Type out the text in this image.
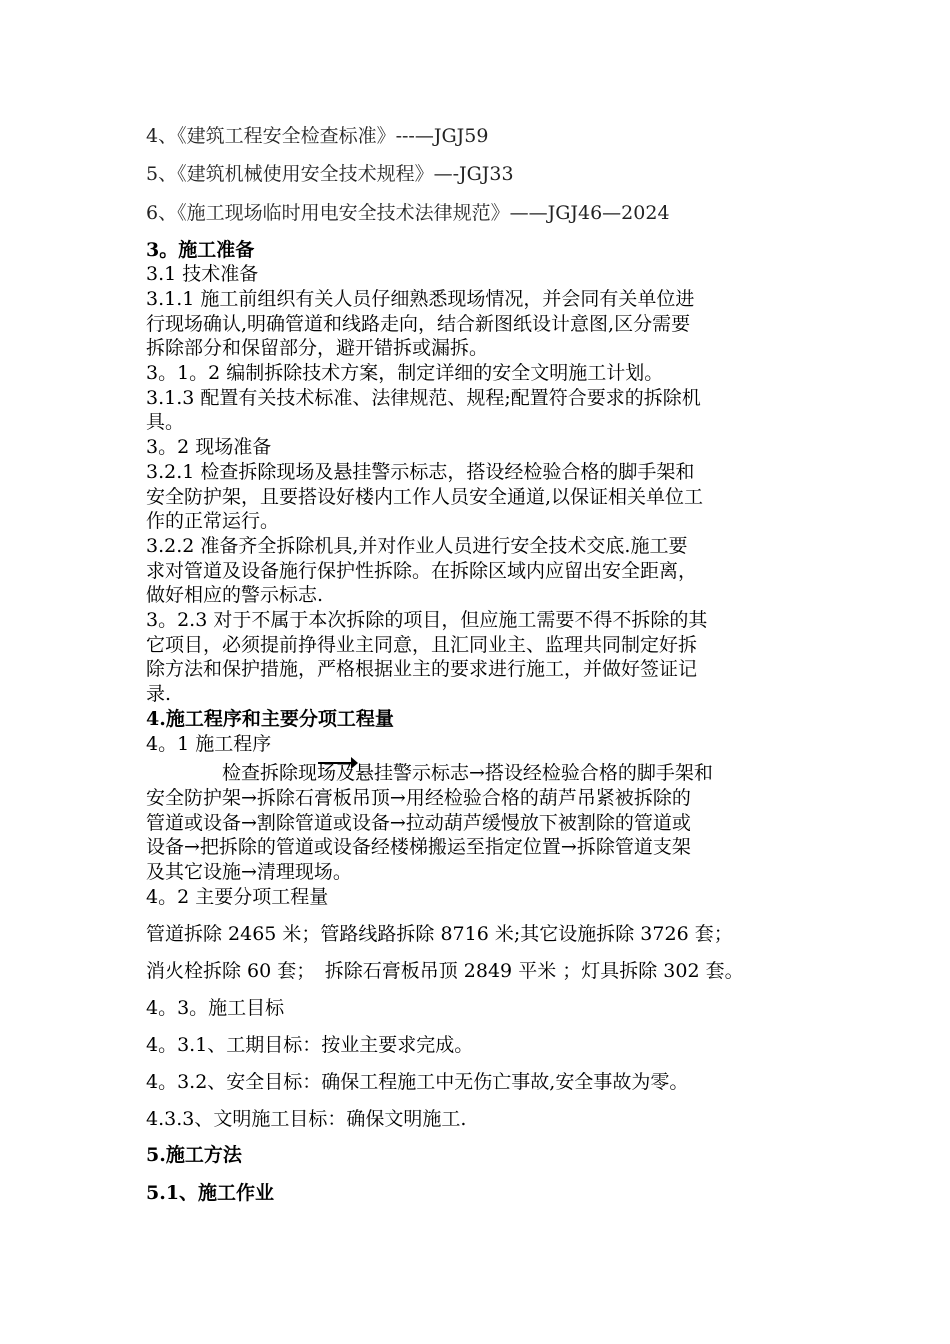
4、《建筑工程安全检查标准》---—JGJ59
5、《建筑机械使用安全技术规程》—-JGJ33
6、《施工现场临时用电安全技术法律规范》——JGJ46—2024
3。施工准备
3.1 技术准备
3.1.1 施工前组织有关人员仔细熟悉现场情况，并会同有关单位进
行现场确认,明确管道和线路走向，结合新图纸设计意图,区分需要
拆除部分和保留部分，避开错拆或漏拆。
3。1。2 编制拆除技术方案，制定详细的安全文明施工计划。
3.1.3 配置有关技术标准、法律规范、规程;配置符合要求的拆除机
具。
3。2 现场准备
3.2.1 检查拆除现场及悬挂警示标志，搭设经检验合格的脚手架和
安全防护架，且要搭设好楼内工作人员安全通道,以保证相关单位工
作的正常运行。
3.2.2 准备齐全拆除机具,并对作业人员进行安全技术交底.施工要
求对管道及设备施行保护性拆除。在拆除区域内应留出安全距离，
做好相应的警示标志.
3。2.3 对于不属于本次拆除的项目，但应施工需要不得不拆除的其
它项目，必须提前挣得业主同意，且汇同业主、监理共同制定好拆
除方法和保护措施，严格根据业主的要求进行施工，并做好签证记
录.
4.施工程序和主要分项工程量
4。1 施工程序
检查拆除现场及悬挂警示标志→搭设经检验合格的脚手架和
安全防护架→拆除石膏板吊顶→用经检验合格的葫芦吊紧被拆除的
管道或设备→割除管道或设备→拉动葫芦缓慢放下被割除的管道或
设备→把拆除的管道或设备经楼梯搬运至指定位置→拆除管道支架
及其它设施→清理现场。
4。2 主要分项工程量
管道拆除 2465 米；管路线路拆除 8716 米;其它设施拆除 3726 套；
消火栓拆除 60 套；　拆除石膏板吊顶 2849 平米 ；灯具拆除 302 套。
4。3。施工目标
4。3.1、工期目标：按业主要求完成。
4。3.2、安全目标：确保工程施工中无伤亡事故,安全事故为零。
4.3.3、文明施工目标：确保文明施工.
5.施工方法
5.1、施工作业
